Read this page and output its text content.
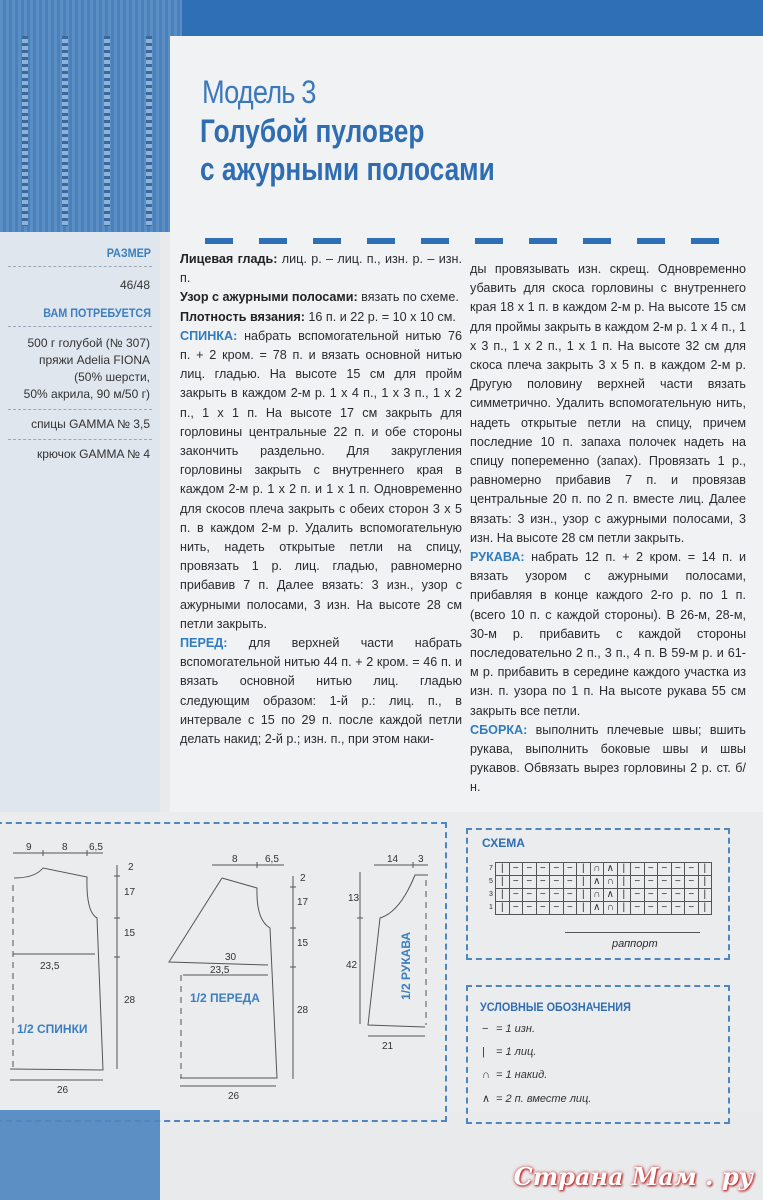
РАЗМЕР
46/48
ВАМ ПОТРЕБУЕТСЯ
500 г голубой (№ 307)
пряжи Adelia FIONA
(50% шерсти,
50% акрила, 90 м/50 г)
спицы GAMMA № 3,5
крючок GAMMA № 4
Модель 3
Голубой пуловер
с ажурными полосами

Лицевая гладь: лиц. р. – лиц. п., изн. р. – изн. п.

Узор с ажурными полосами: вязать по схеме.

Плотность вязания: 16 п. и 22 р. = 10 х 10 см.

СПИНКА: набрать вспомогательной нитью 76 п. + 2 кром. = 78 п. и вязать основной нитью лиц. гладью. На высоте 15 см для пройм закрыть в каждом 2-м р. 1 х 4 п., 1 х 3 п., 1 х 2 п., 1 х 1 п. На высоте 17 см закрыть для горловины центральные 22 п. и обе стороны закончить раздельно. Для закругления горловины закрыть с внутреннего края в каждом 2-м р. 1 х 2 п. и 1 х 1 п. Одновременно для скосов плеча закрыть с обеих сторон 3 х 5 п. в каждом 2-м р. Удалить вспомогательную нить, надеть открытые петли на спицу, провязать 1 р. лиц. гладью, равномерно прибавив 7 п. Далее вязать: 3 изн., узор с ажурными полосами, 3 изн. На высоте 28 см петли закрыть.

ПЕРЕД: для верхней части набрать вспомогательной нитью 44 п. + 2 кром. = 46 п. и вязать основной нитью лиц. гладью следующим образом: 1-й р.: лиц. п., в интервале с 15 по 29 п. после каждой петли делать накид; 2-й р.; изн. п., при этом наки-

ды провязывать изн. скрещ. Одновременно убавить для скоса горловины с внутреннего края 18 х 1 п. в каждом 2-м р. На высоте 15 см для проймы закрыть в каждом 2-м р. 1 х 4 п., 1 х 3 п., 1 х 2 п., 1 х 1 п. На высоте 32 см для скоса плеча закрыть 3 х 5 п. в каждом 2-м р. Другую половину верхней части вязать симметрично. Удалить вспомогательную нить, надеть открытые петли на спицу, причем последние 10 п. запаха полочек надеть на спицу попеременно (запах). Провязать 1 р., равномерно прибавив 7 п. и провязав центральные 20 п. по 2 п. вместе лиц. Далее вязать: 3 изн., узор с ажурными полосами, 3 изн. На высоте 28 см петли закрыть.

РУКАВА: набрать 12 п. + 2 кром. = 14 п. и вязать узором с ажурными полосами, прибавляя в конце каждого 2-го р. по 1 п. (всего 10 п. с каждой стороны). В 26-м, 28-м, 30-м р. прибавить с каждой стороны последовательно 2 п., 3 п., 4 п. В 59-м р. и 61-м р. прибавить в середине каждого участка из изн. п. узора по 1 п. На высоте рукава 55 см закрыть все петли.

СБОРКА: выполнить плечевые швы; вшить рукава, выполнить боковые швы и швы рукавов. Обвязать вырез горловины 2 р. ст. б/н.

9	8 6,5
2
17
15
28
23,5
26
1/2 СПИНКИ
8	6,5
2
17
15
28
30
23,5
26
1/2 ПЕРЕДА
14 3
13
42
21
1/2 РУКАВА
СХЕМА
7	|	−	−	−	−	−	|	∩	∧	|	−	−	−	−	−	|
5	|	−	−	−	−	−	|	∧	∩	|	−	−	−	−	−	|
3	|	−	−	−	−	−	|	∩	∧	|	−	−	−	−	−	|
1	|	−	−	−	−	−	|	∧	∩	|	−	−	−	−	−	|
раппорт
УСЛОВНЫЕ ОБОЗНАЧЕНИЯ
− = 1 изн.
| = 1 лиц.
∩ = 1 накид.
∧ = 2 п. вместе лиц.
Страна Мам . ру
